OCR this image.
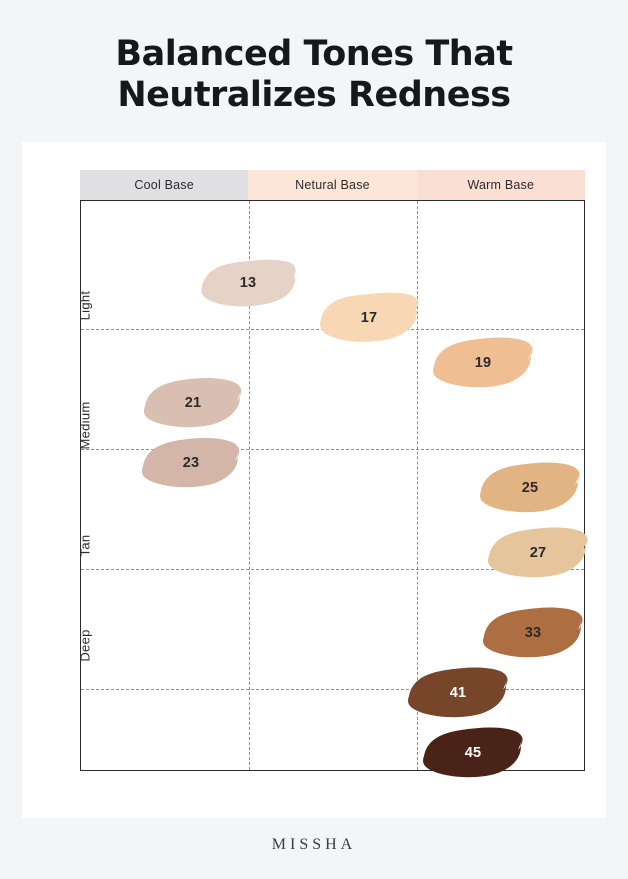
Balanced Tones That
Neutralizes Redness
Cool Base	Netural Base	Warm Base
13
17
19
21
23
25
27
33
41
45
Light
Medium
Tan
Deep
MISSHA
